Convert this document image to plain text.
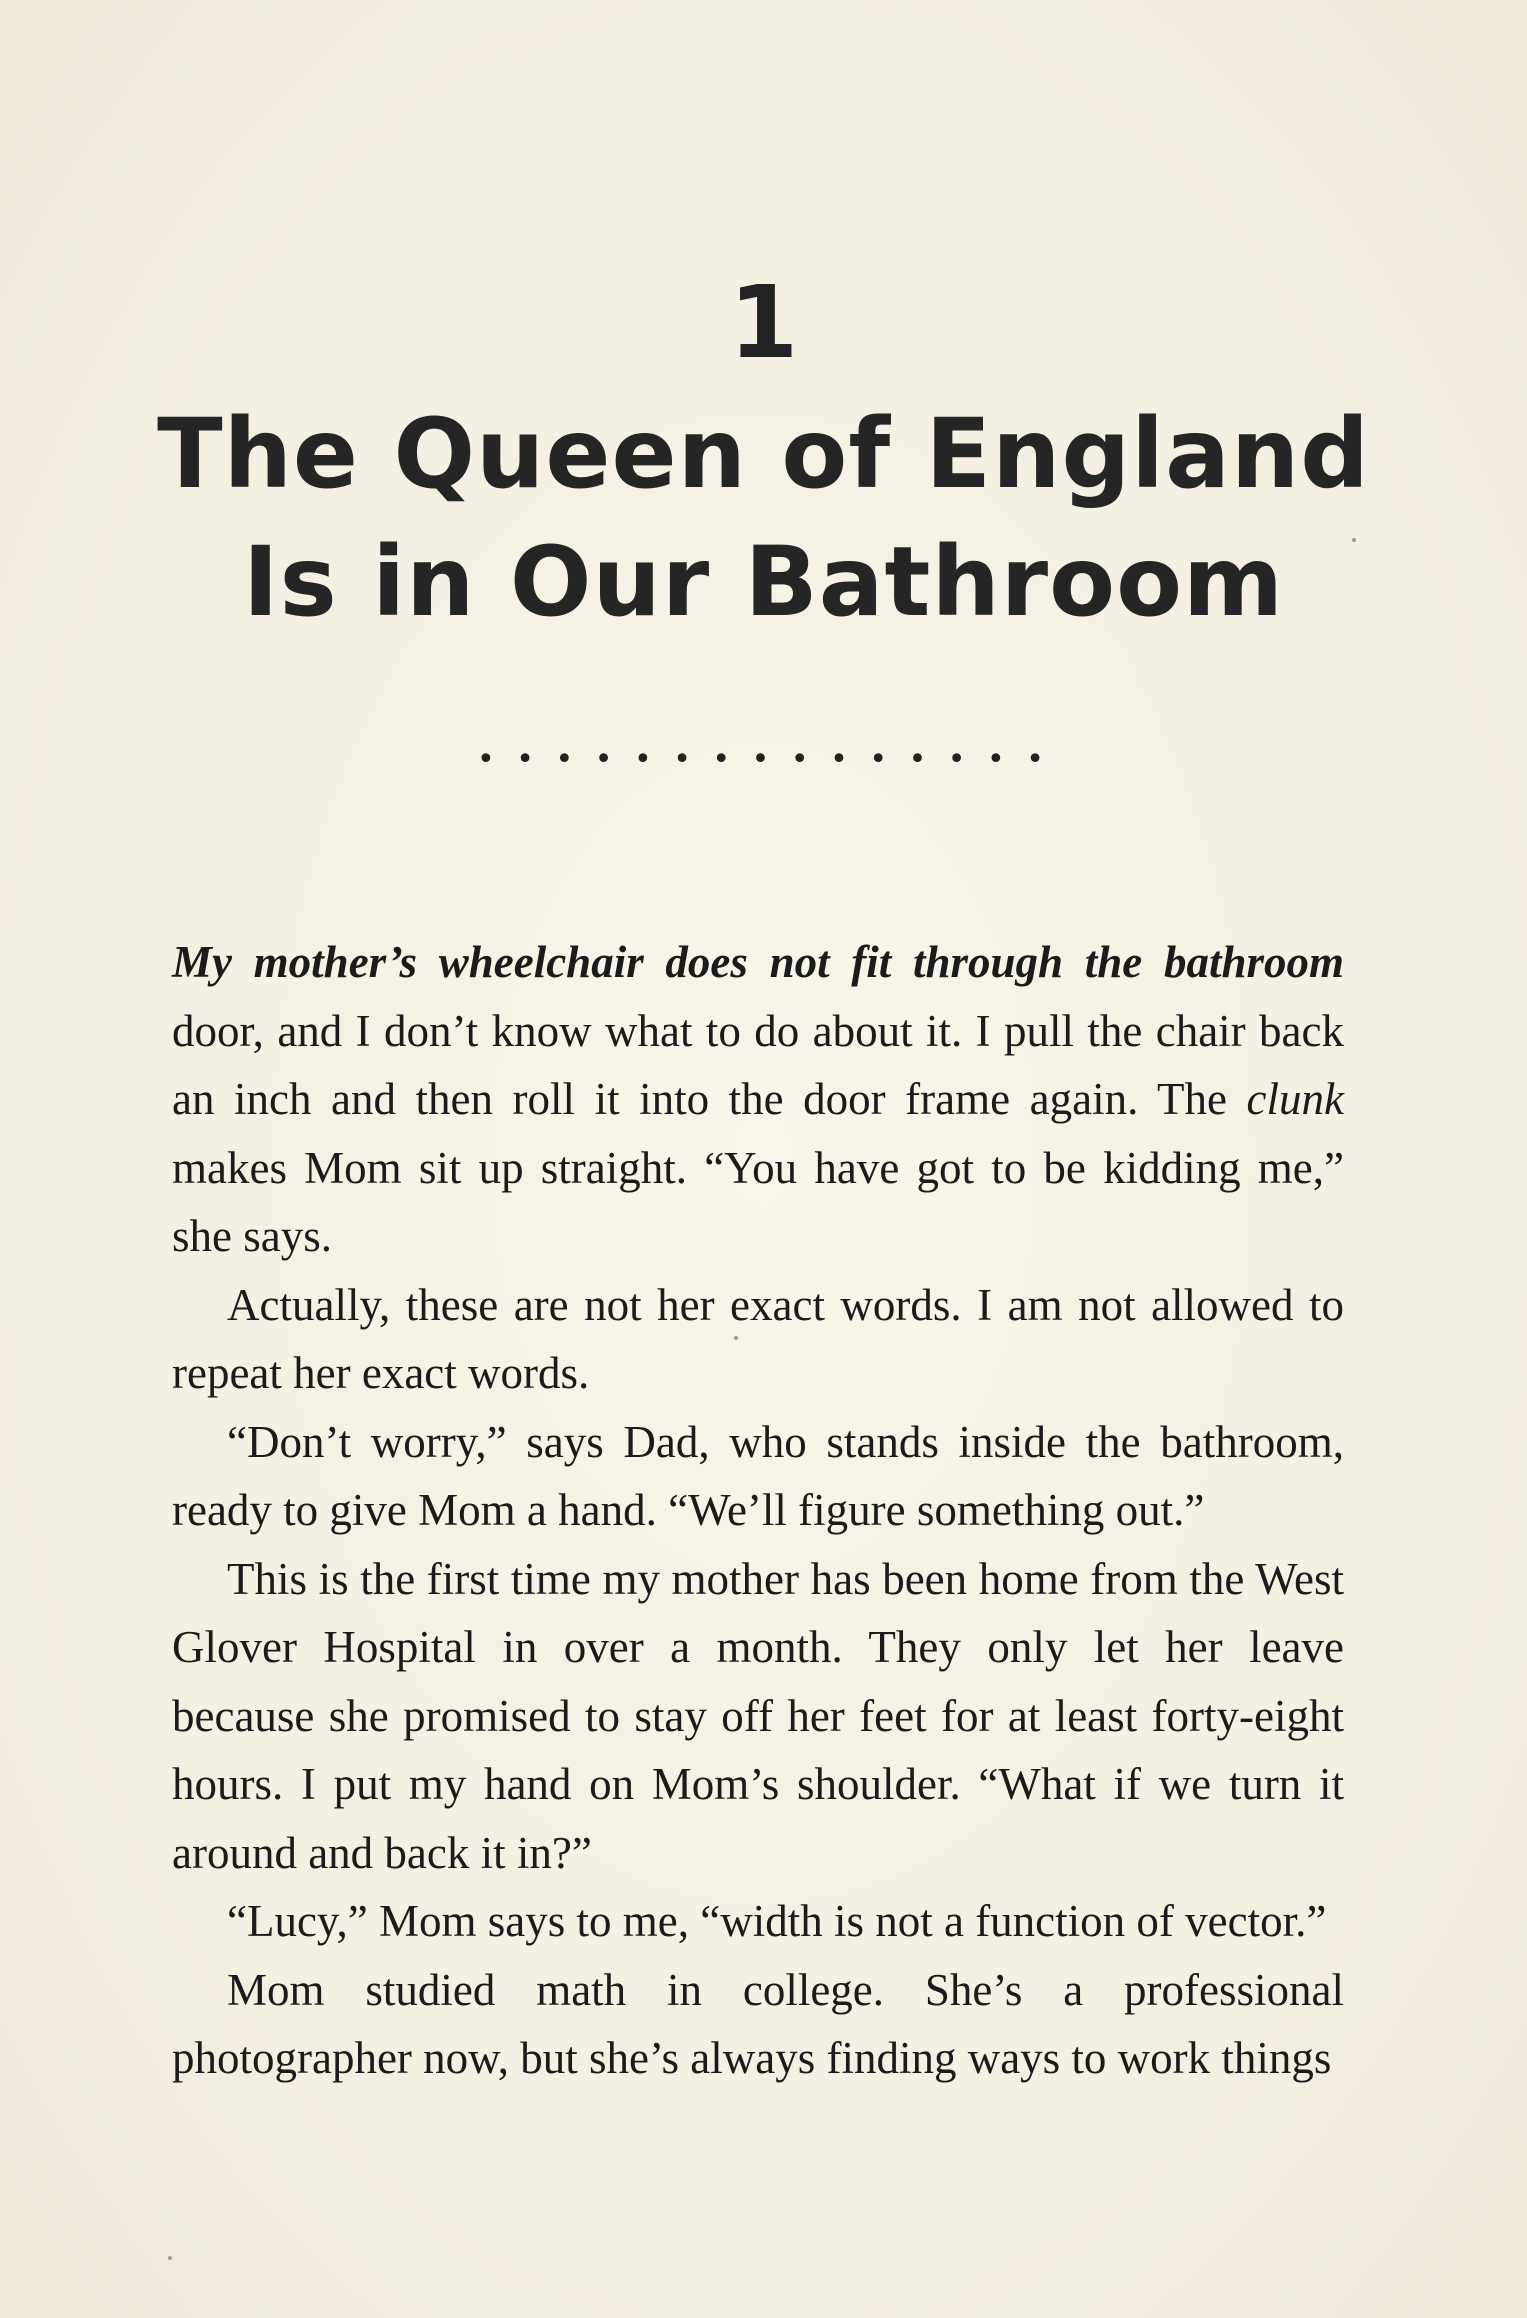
1
The Queen of England
Is in Our Bathroom
• • • • • • • • • • • • • • •

My mother’s wheelchair does not fit through the bathroom door, and I don’t know what to do about it. I pull the chair back an inch and then roll it into the door frame again. The clunk makes Mom sit up straight. “You have got to be kidding me,” she says.

Actually, these are not her exact words. I am not allowed to repeat her exact words.

“Don’t worry,” says Dad, who stands inside the bathroom, ready to give Mom a hand. “We’ll figure something out.”

This is the first time my mother has been home from the West Glover Hospital in over a month. They only let her leave because she promised to stay off her feet for at least forty-eight hours. I put my hand on Mom’s shoulder. “What if we turn it around and back it in?”

“Lucy,” Mom says to me, “width is not a function of vector.”

Mom studied math in college. She’s a professional photographer now, but she’s always finding ways to work things
